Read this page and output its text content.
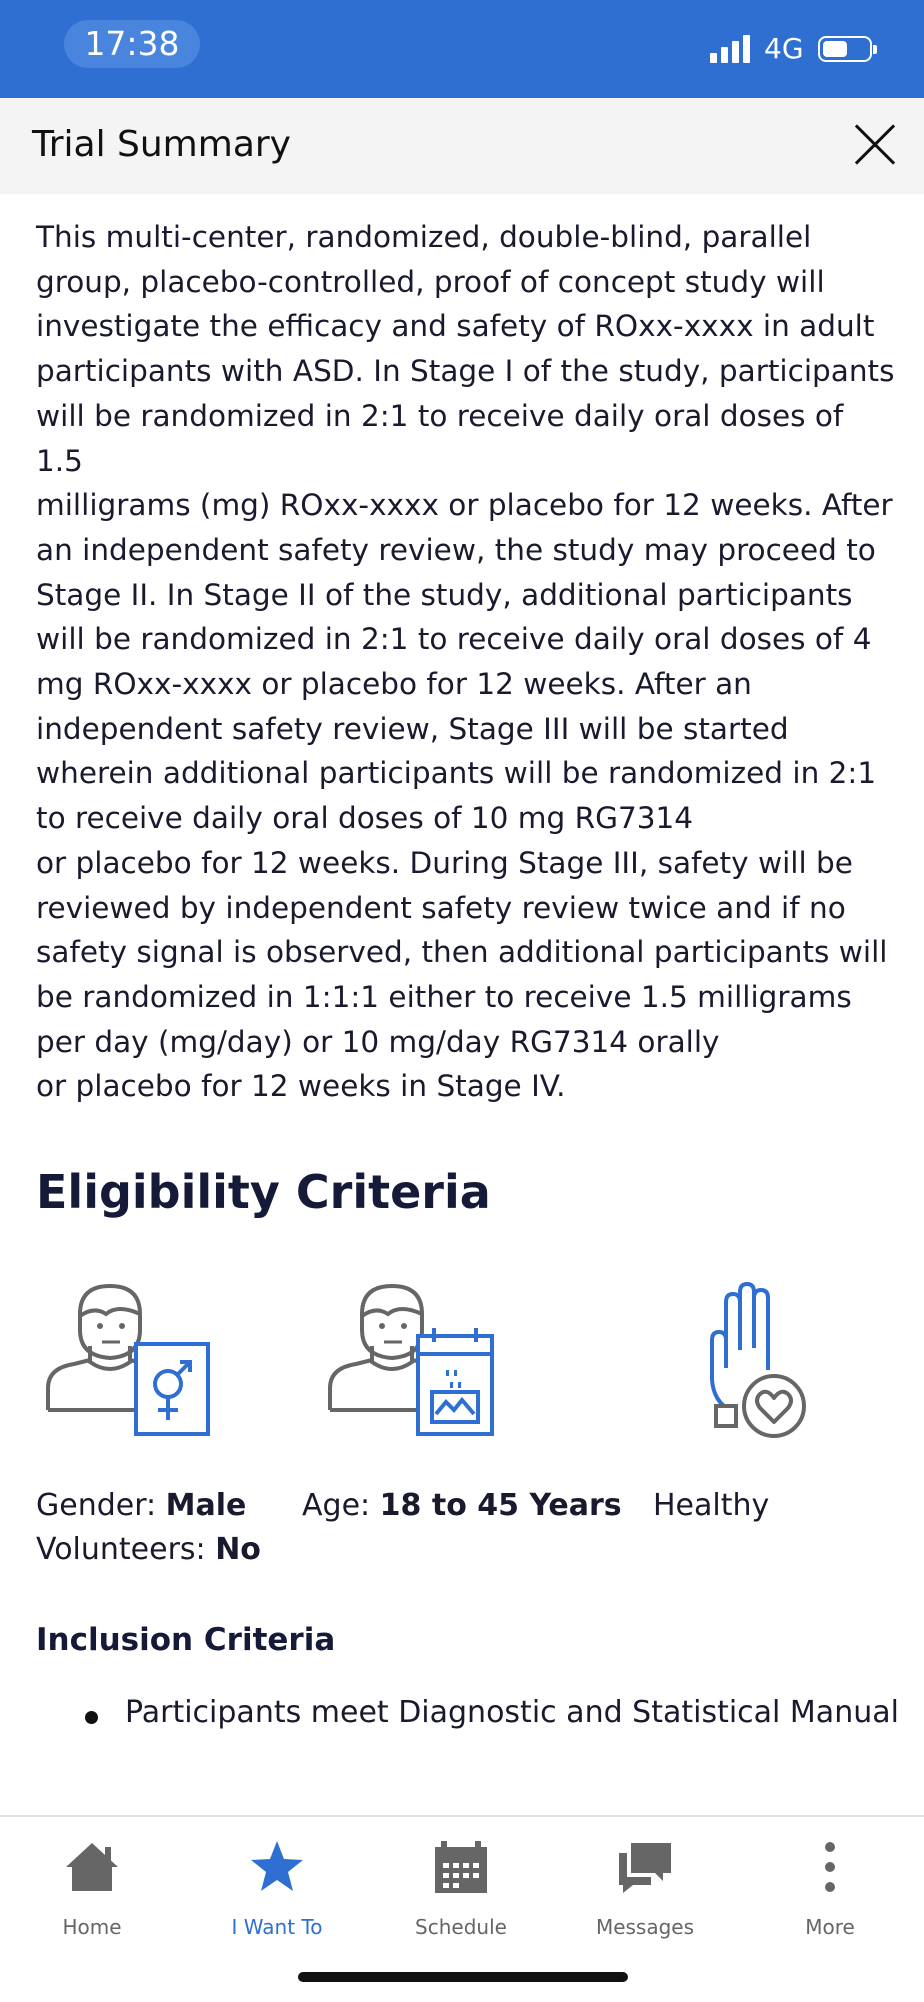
17:38	4G
Trial Summary
This multi-center, randomized, double-blind, parallel
group, placebo-controlled, proof of concept study will
investigate the efficacy and safety of ROxx-xxxx in adult
participants with ASD. In Stage I of the study, participants
will be randomized in 2:1 to receive daily oral doses of 1.5
milligrams (mg) ROxx-xxxx or placebo for 12 weeks. After
an independent safety review, the study may proceed to
Stage II. In Stage II of the study, additional participants
will be randomized in 2:1 to receive daily oral doses of 4
mg ROxx-xxxx or placebo for 12 weeks. After an
independent safety review, Stage III will be started
wherein additional participants will be randomized in 2:1
to receive daily oral doses of 10 mg RG7314
or placebo for 12 weeks. During Stage III, safety will be
reviewed by independent safety review twice and if no
safety signal is observed, then additional participants will
be randomized in 1:1:1 either to receive 1.5 milligrams
per day (mg/day) or 10 mg/day RG7314 orally
or placebo for 12 weeks in Stage IV.
Eligibility Criteria
Gender: Male
Volunteers: No
Age: 18 to 45 Years Healthy
Inclusion Criteria
Participants meet Diagnostic and Statistical Manual
Home	I Want To	Schedule	Messages	More
